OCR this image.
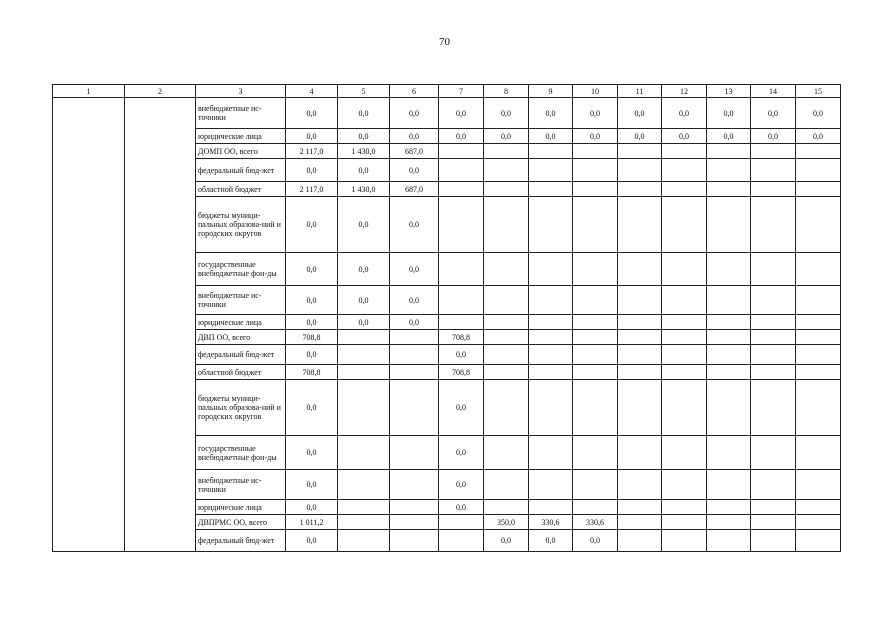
70
1	2	3	4	5	6	7	8	9	10	11	12	13	14	15
		внебюджетные ис-точники	0,0	0,0	0,0	0,0	0,0	0,0	0,0	0,0	0,0	0,0	0,0	0,0
		юридические лица	0,0	0,0	0,0	0,0	0,0	0,0	0,0	0,0	0,0	0,0	0,0	0,0
		ДОМП ОО, всего	2 117,0	1 430,0	687,0									
		федеральный бюд-жет	0,0	0,0	0,0									
		областной бюджет	2 117,0	1 430,0	687,0									
		бюджеты муници-пальных образова-ний и городских округов	0,0	0,0	0,0									
		государственные внебюджетные фон-ды	0,0	0,0	0,0									
		внебюджетные ис-точники	0,0	0,0	0,0									
		юридические лица	0,0	0,0	0,0									
		ДВП ОО, всего	708,8			708,8								
		федеральный бюд-жет	0,0			0,0								
		областной бюджет	708,8			708,8								
		бюджеты муници-пальных образова-ний и городских округов	0,0			0,0								
		государственные внебюджетные фон-ды	0,0			0,0								
		внебюджетные ис-точники	0,0			0,0								
		юридические лица	0,0			0,0								
		ДВПРМС ОО, всего	1 011,2				350,0	330,6	330,6					
		федеральный бюд-жет	0,0				0,0	0,0	0,0					
